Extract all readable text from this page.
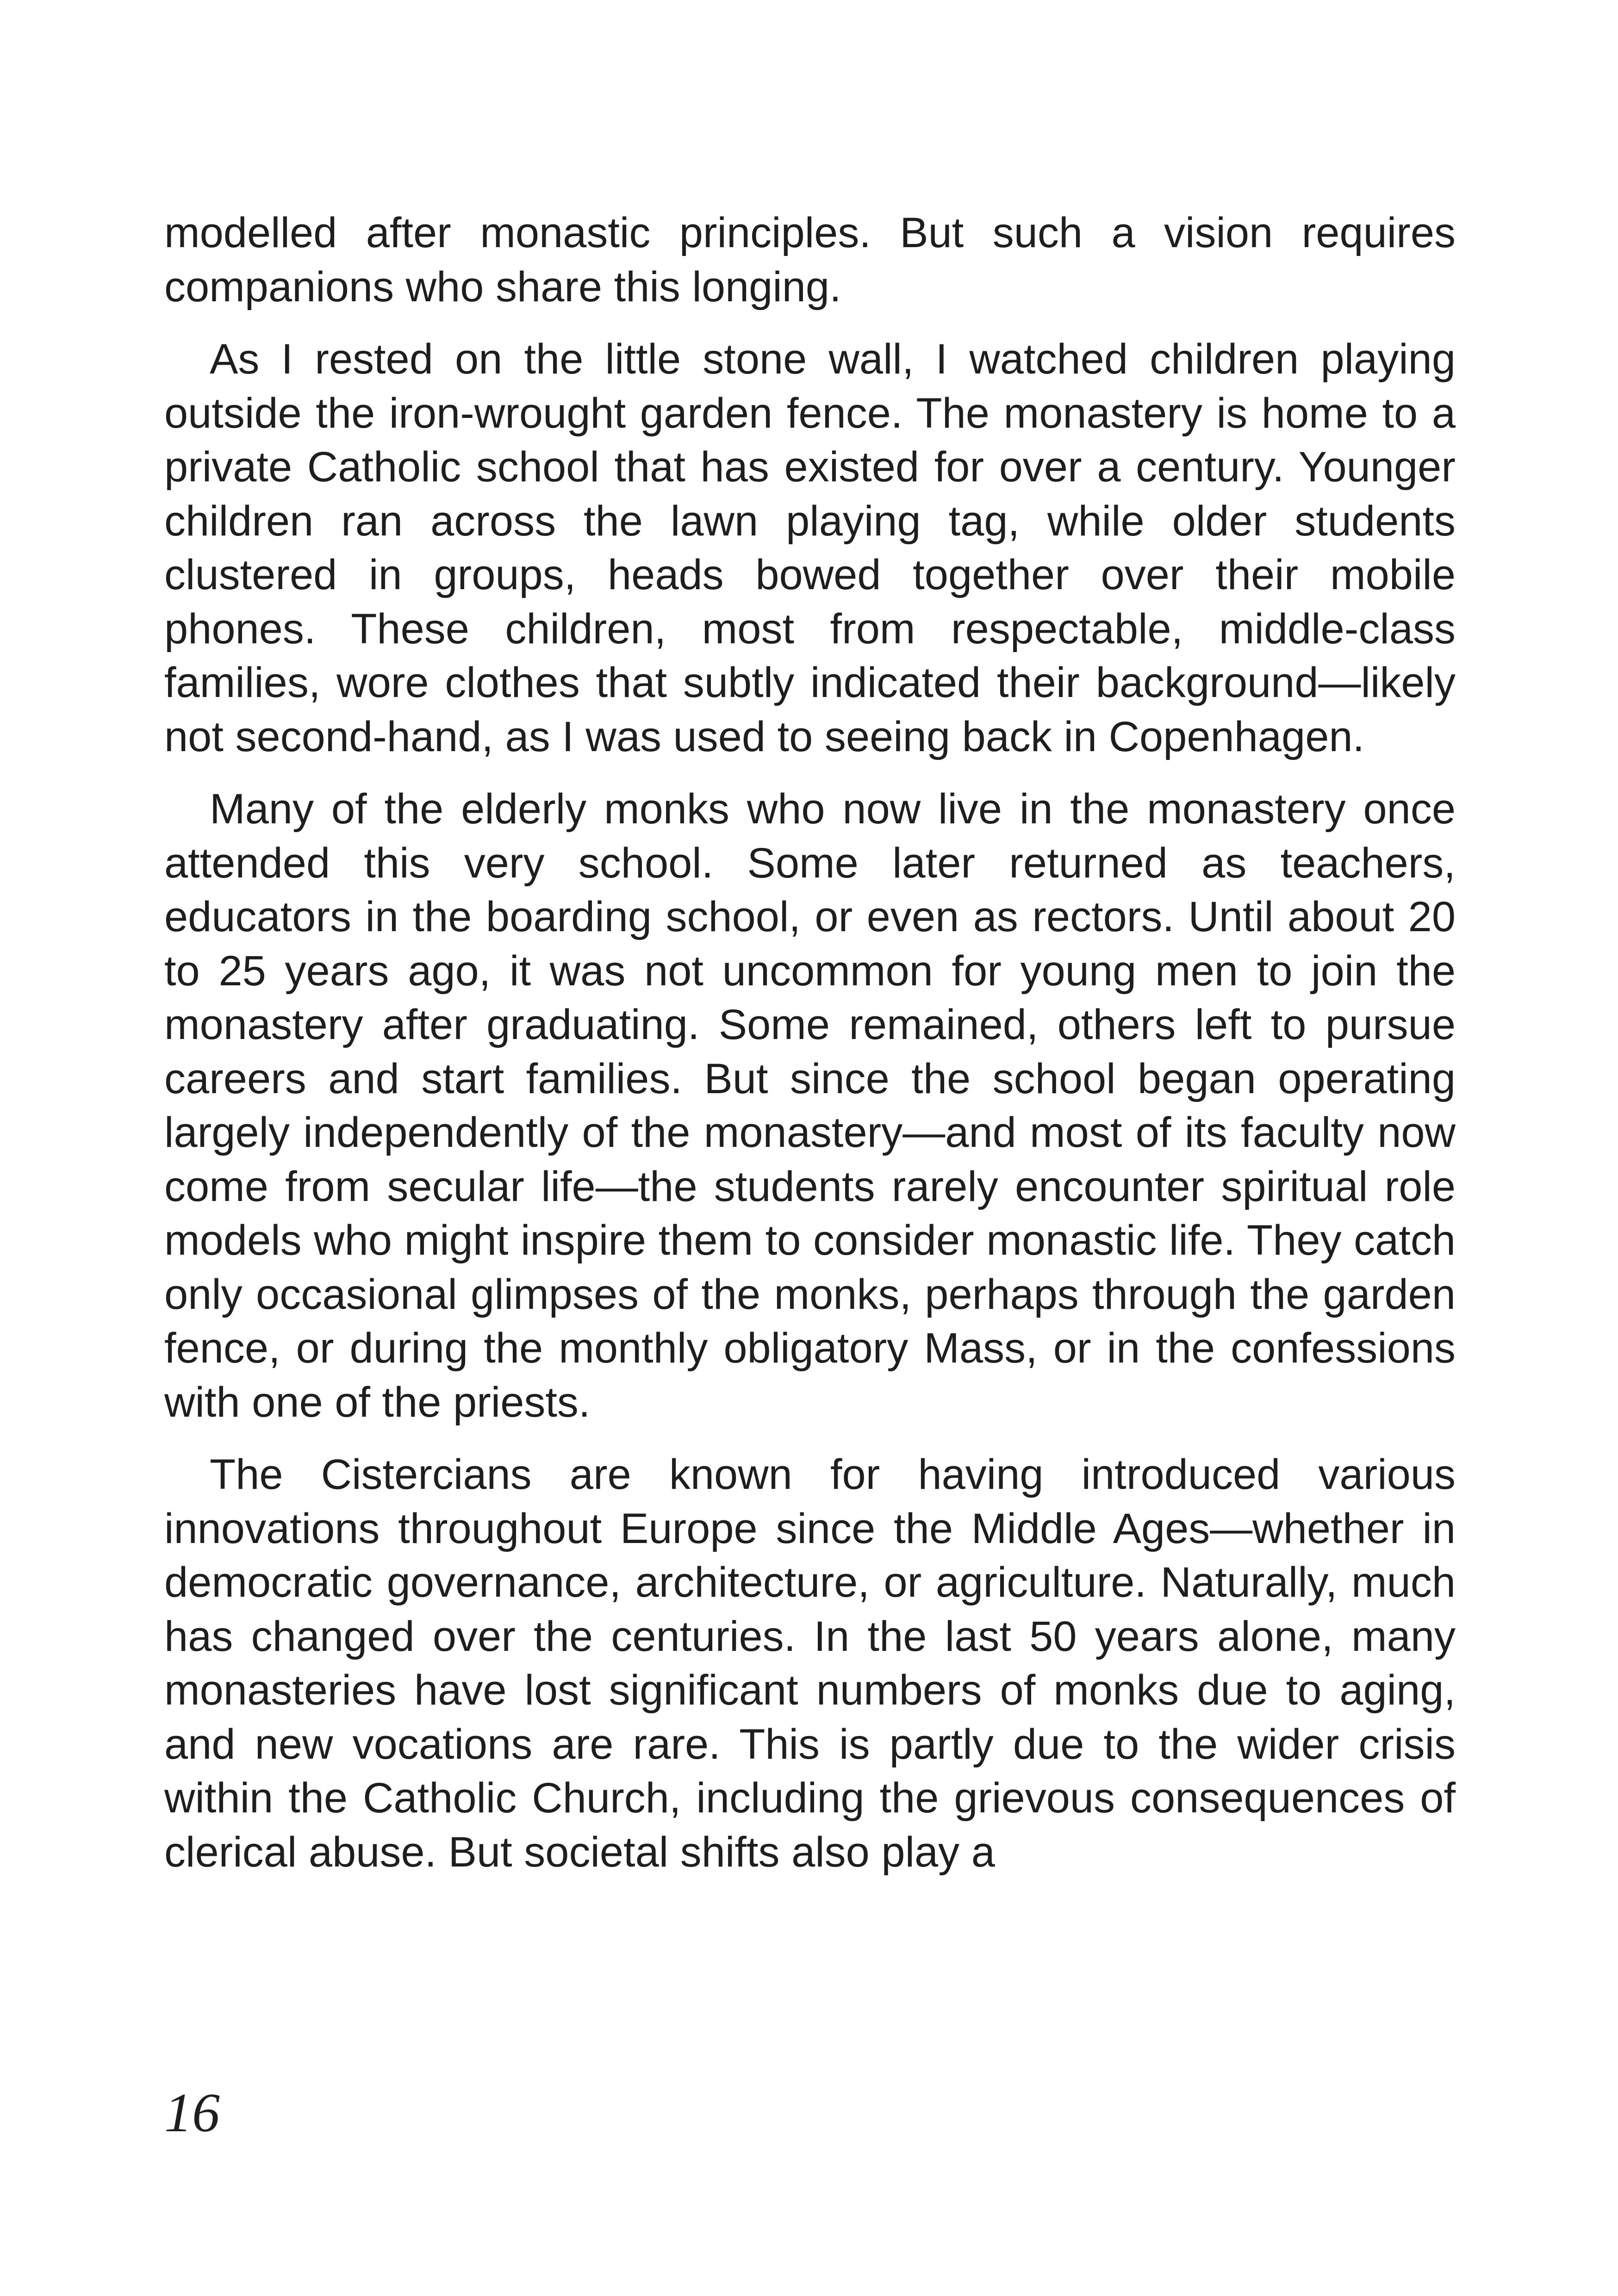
modelled after monastic principles. But such a vision requires companions who share this longing.

As I rested on the little stone wall, I watched children playing outside the iron-wrought garden fence. The monastery is home to a private Catholic school that has existed for over a century. Younger children ran across the lawn playing tag, while older students clustered in groups, heads bowed together over their mobile phones. These children, most from respectable, middle-class families, wore clothes that subtly indicated their background—likely not second-hand, as I was used to seeing back in Copenhagen.

Many of the elderly monks who now live in the monastery once attended this very school. Some later returned as teachers, educators in the boarding school, or even as rectors. Until about 20 to 25 years ago, it was not uncommon for young men to join the monastery after graduating. Some remained, others left to pursue careers and start families. But since the school began operating largely independently of the monastery—and most of its faculty now come from secular life—the students rarely encounter spiritual role models who might inspire them to consider monastic life. They catch only occasional glimpses of the monks, perhaps through the garden fence, or during the monthly obligatory Mass, or in the confessions with one of the priests.

The Cistercians are known for having introduced various innovations throughout Europe since the Middle Ages—whether in democratic governance, architecture, or agriculture. Naturally, much has changed over the centuries. In the last 50 years alone, many monasteries have lost significant numbers of monks due to aging, and new vocations are rare. This is partly due to the wider crisis within the Catholic Church, including the grievous consequences of clerical abuse. But societal shifts also play a

16
